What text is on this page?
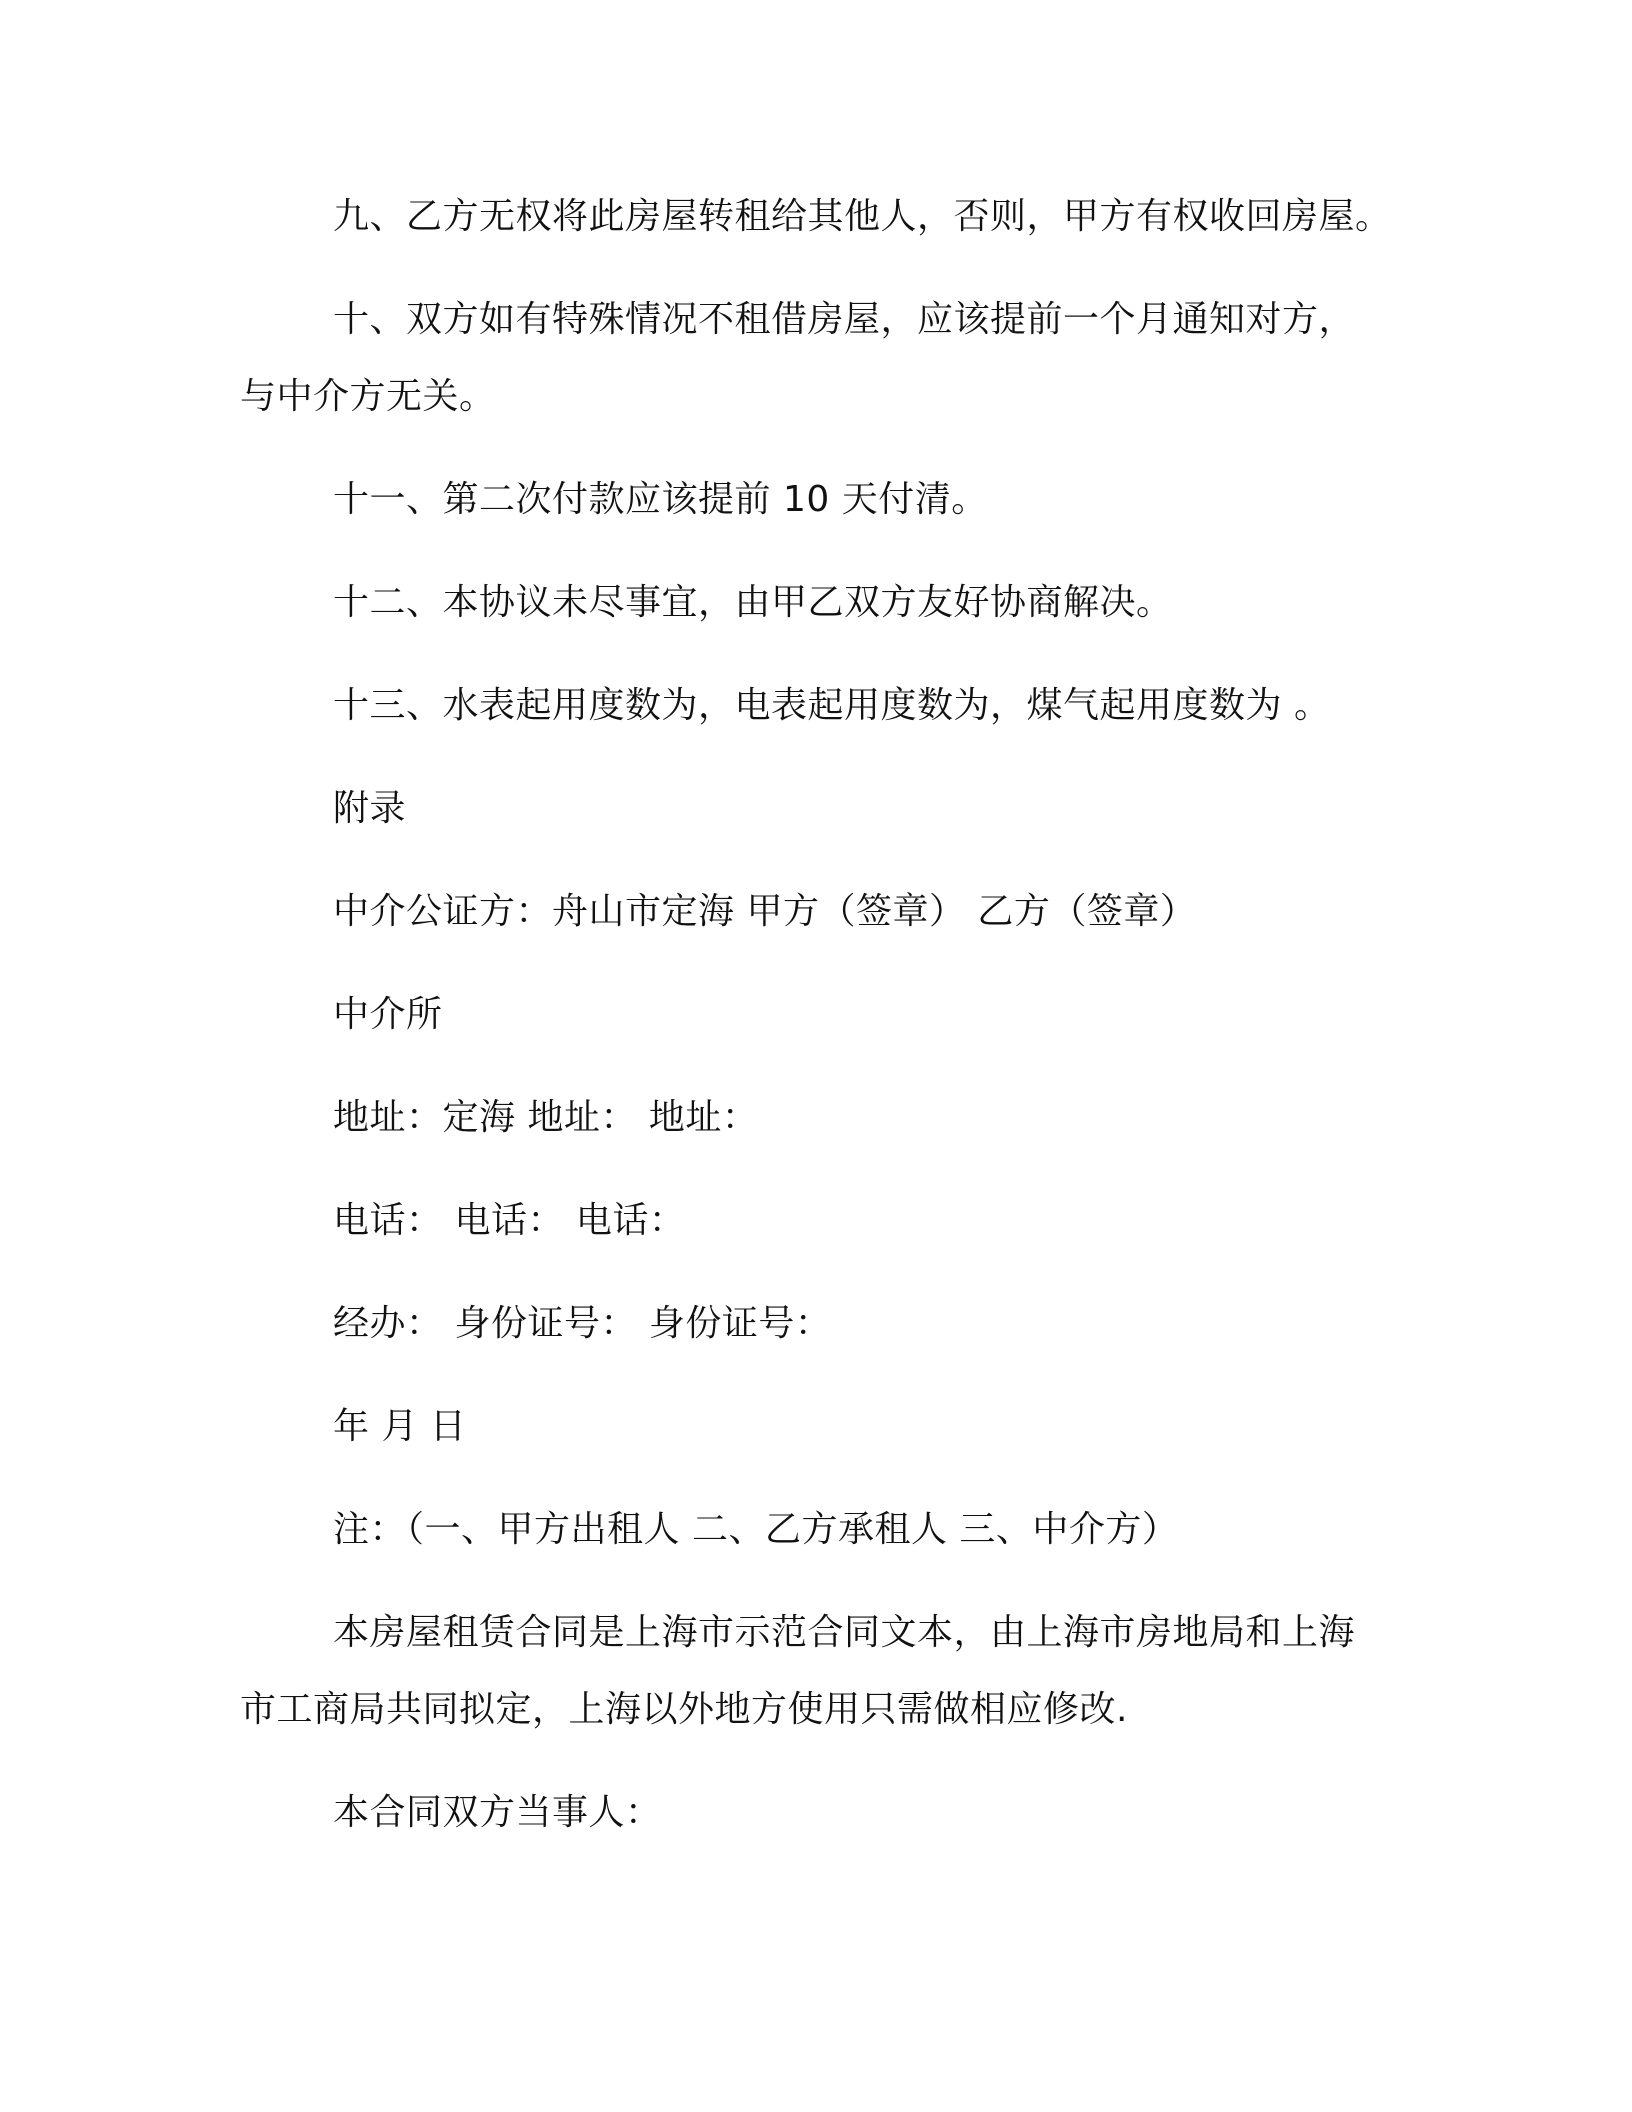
九、乙方无权将此房屋转租给其他人，否则，甲方有权收回房屋。

十、双方如有特殊情况不租借房屋，应该提前一个月通知对方，

与中介方无关。

十一、第二次付款应该提前 10 天付清。

十二、本协议未尽事宜，由甲乙双方友好协商解决。

十三、水表起用度数为，电表起用度数为，煤气起用度数为 。

附录

中介公证方：舟山市定海 甲方（签章） 乙方（签章）

中介所

地址：定海 地址： 地址：

电话： 电话： 电话：

经办： 身份证号： 身份证号：

年 月 日

注：（一、甲方出租人 二、乙方承租人 三、中介方）

本房屋租赁合同是上海市示范合同文本，由上海市房地局和上海

市工商局共同拟定，上海以外地方使用只需做相应修改.

本合同双方当事人：
